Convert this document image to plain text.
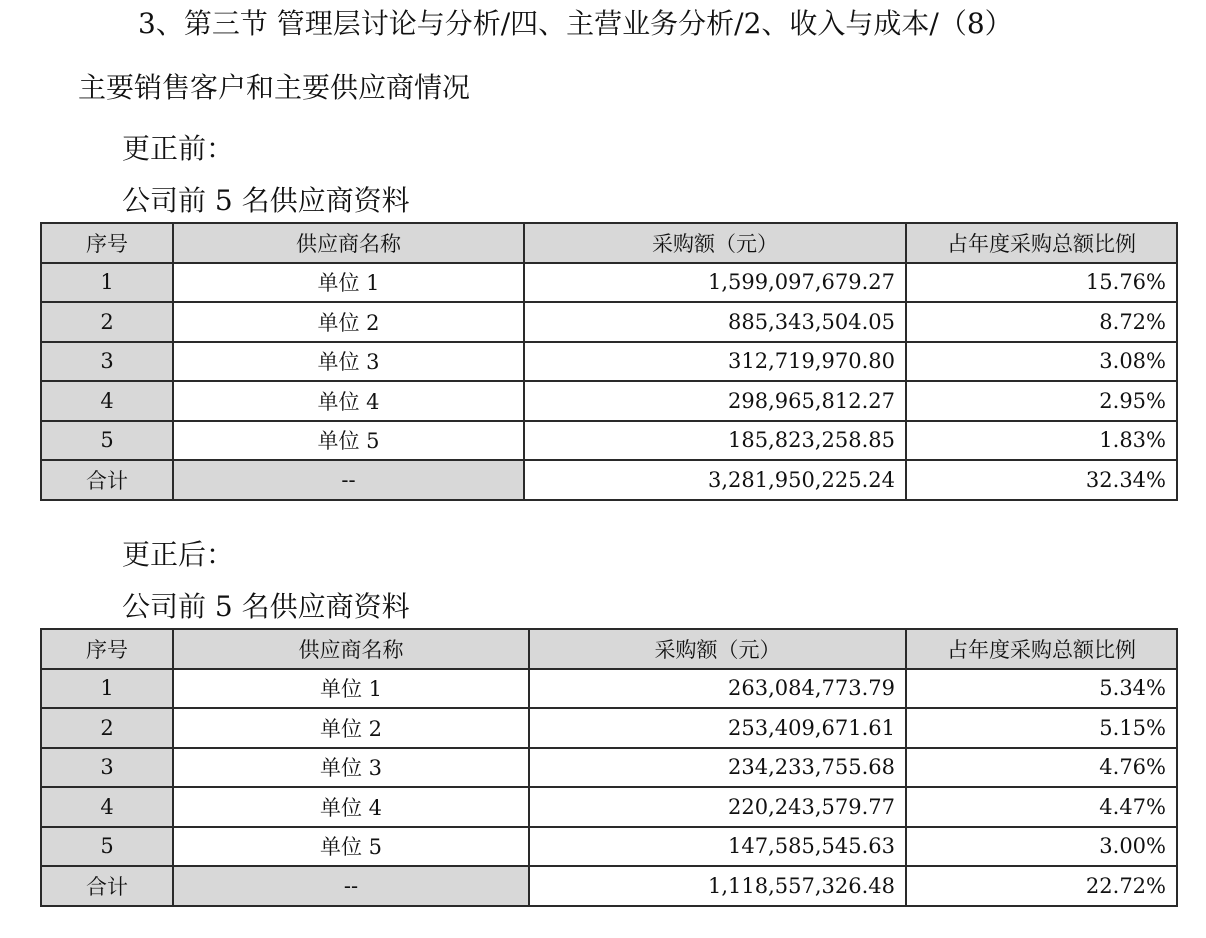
3、第三节 管理层讨论与分析/四、主营业务分析/2、收入与成本/（8）
主要销售客户和主要供应商情况
更正前：
公司前 5 名供应商资料
序号	供应商名称	采购额（元）	占年度采购总额比例
1	单位 1	1,599,097,679.27	15.76%
2	单位 2	885,343,504.05	8.72%
3	单位 3	312,719,970.80	3.08%
4	单位 4	298,965,812.27	2.95%
5	单位 5	185,823,258.85	1.83%
合计	--	3,281,950,225.24	32.34%
更正后：
公司前 5 名供应商资料
序号	供应商名称	采购额（元）	占年度采购总额比例
1	单位 1	263,084,773.79	5.34%
2	单位 2	253,409,671.61	5.15%
3	单位 3	234,233,755.68	4.76%
4	单位 4	220,243,579.77	4.47%
5	单位 5	147,585,545.63	3.00%
合计	--	1,118,557,326.48	22.72%
